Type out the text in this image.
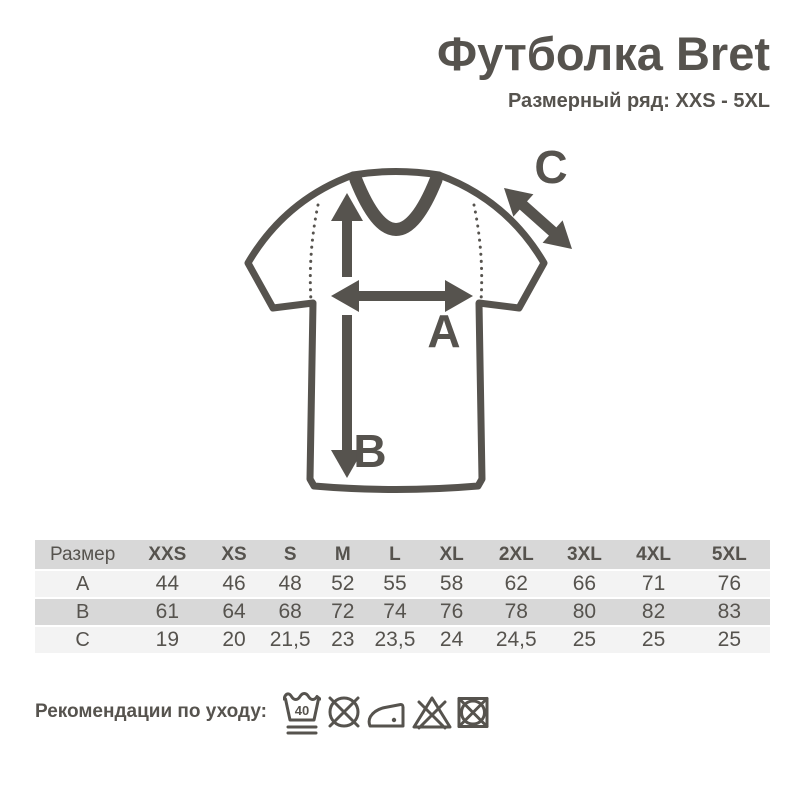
Футболка Bret
Размерный ряд: XXS - 5XL
A
B
C
Размер	XXS	XS	S	M	L	XL	2XL	3XL	4XL	5XL
A	44	46	48	52	55	58	62	66	71	76
B	61	64	68	72	74	76	78	80	82	83
C	19	20	21,5	23	23,5	24	24,5	25	25	25
Рекомендации по уходу: 40
